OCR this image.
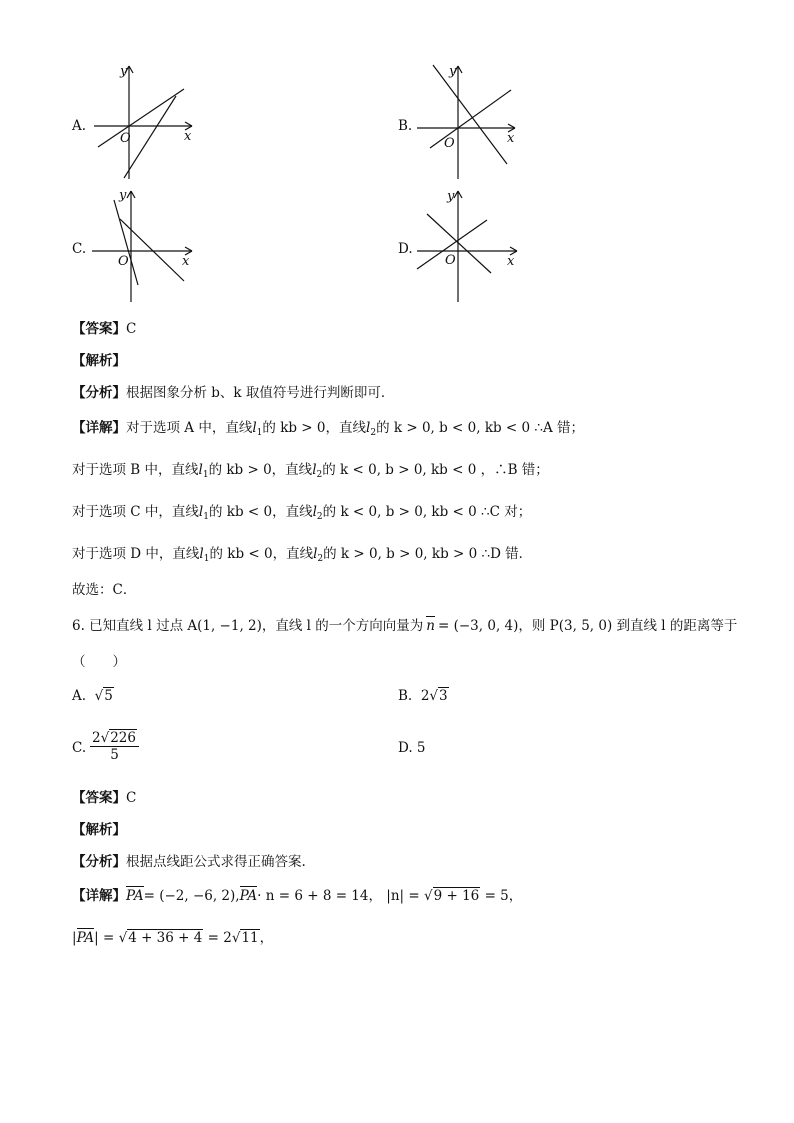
A.
y
x
O
B.
y
x
O
C.
y
x
O
D.
y
x
O
【答案】C
【解析】
【分析】根据图象分析 b、k 取值符号进行判断即可．
【详解】对于选项 A 中，直线$l_1$的 kb > 0，直线$l_2$的 k > 0, b < 0, kb < 0 ∴A 错；
对于选项 B 中，直线$l_1$的 kb > 0，直线$l_2$的 k < 0, b > 0, kb < 0 ，∴B 错；
对于选项 C 中，直线$l_1$的 kb < 0，直线$l_2$的 k < 0, b > 0, kb < 0 ∴C 对；
对于选项 D 中，直线$l_1$的 kb < 0，直线$l_2$的 k > 0, b > 0, kb > 0 ∴D 错．
故选：C．
6. 已知直线 l 过点 A(1, −1, 2)，直线 l 的一个方向向量为 n = (−3, 0, 4)，则 P(3, 5, 0) 到直线 l 的距离等于
（　　）
A.  √5	B. 2√3
C. $\frac{2√226}{5}$	D. 5
【答案】C
【解析】
【分析】根据点线距公式求得正确答案.
【详解】PA= (−2, −6, 2),PA· n = 6 + 8 = 14， |n| = √9 + 16 = 5，
|PA| = √4 + 36 + 4 = 2√11，
